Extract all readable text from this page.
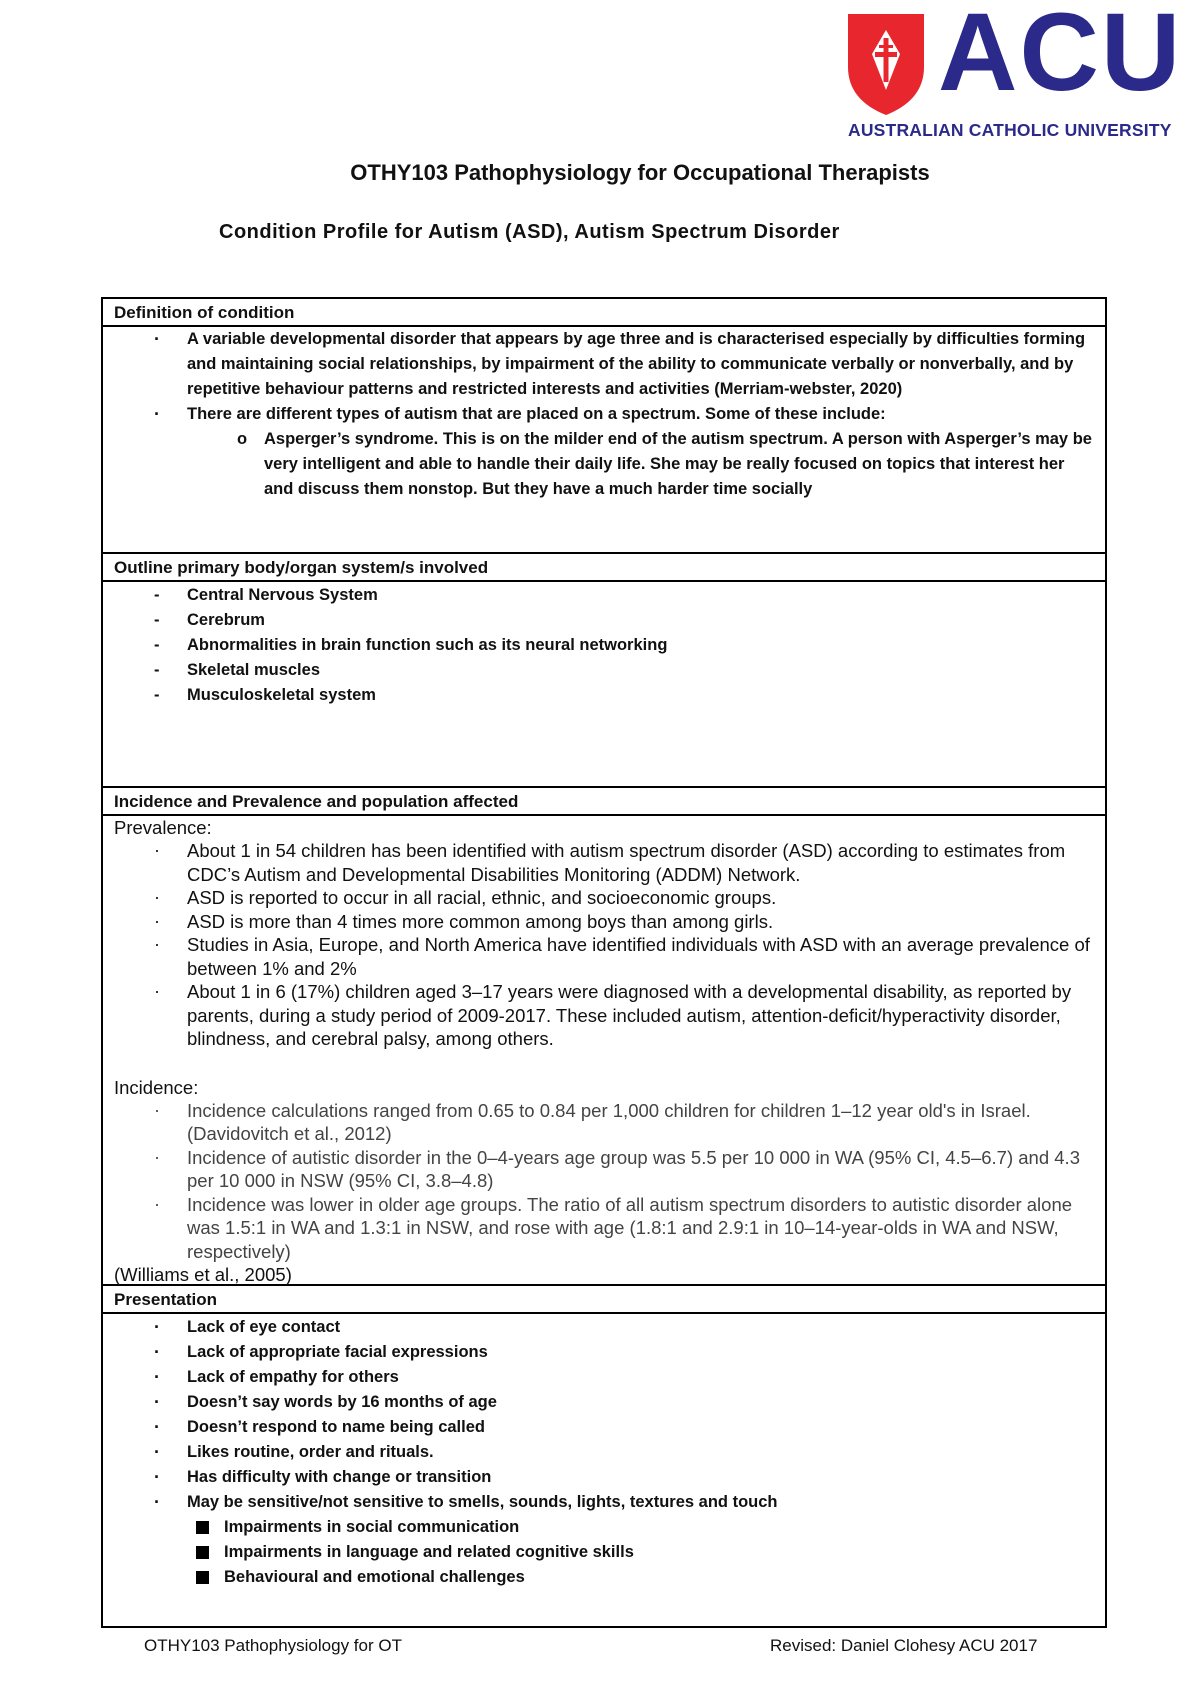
ACU
AUSTRALIAN CATHOLIC UNIVERSITY
OTHY103 Pathophysiology for Occupational Therapists
Condition Profile for Autism (ASD), Autism Spectrum Disorder
Definition of condition
· A variable developmental disorder that appears by age three and is characterised especially by difficulties forming and maintaining social relationships, by impairment of the ability to communicate verbally or nonverbally, and by repetitive behaviour patterns and restricted interests and activities (Merriam-webster, 2020)
· There are different types of autism that are placed on a spectrum. Some of these include:
o Asperger’s syndrome. This is on the milder end of the autism spectrum. A person with Asperger’s may be very intelligent and able to handle their daily life. She may be really focused on topics that interest her and discuss them nonstop. But they have a much harder time socially
Outline primary body/organ system/s involved
- Central Nervous System
- Cerebrum
- Abnormalities in brain function such as its neural networking
- Skeletal muscles
- Musculoskeletal system
Incidence and Prevalence and population affected
Prevalence:
· About 1 in 54 children has been identified with autism spectrum disorder (ASD) according to estimates from CDC’s Autism and Developmental Disabilities Monitoring (ADDM) Network.
· ASD is reported to occur in all racial, ethnic, and socioeconomic groups.
· ASD is more than 4 times more common among boys than among girls.
· Studies in Asia, Europe, and North America have identified individuals with ASD with an average prevalence of between 1% and 2%
· About 1 in 6 (17%) children aged 3–17 years were diagnosed with a developmental disability, as reported by parents, during a study period of 2009-2017. These included autism, attention-deficit/hyperactivity disorder, blindness, and cerebral palsy, among others.
Incidence:
· Incidence calculations ranged from 0.65 to 0.84 per 1,000 children for children 1–12 year old's in Israel. (Davidovitch et al., 2012)
· Incidence of autistic disorder in the 0–4-years age group was 5.5 per 10 000 in WA (95% CI, 4.5–6.7) and 4.3 per 10 000 in NSW (95% CI, 3.8–4.8)
· Incidence was lower in older age groups. The ratio of all autism spectrum disorders to autistic disorder alone was 1.5:1 in WA and 1.3:1 in NSW, and rose with age (1.8:1 and 2.9:1 in 10–14-year-olds in WA and NSW, respectively)
(Williams et al., 2005)
Presentation
· Lack of eye contact
· Lack of appropriate facial expressions
· Lack of empathy for others
· Doesn’t say words by 16 months of age
· Doesn’t respond to name being called
· Likes routine, order and rituals.
· Has difficulty with change or transition
· May be sensitive/not sensitive to smells, sounds, lights, textures and touch
Impairments in social communication
Impairments in language and related cognitive skills
Behavioural and emotional challenges
OTHY103 Pathophysiology for OT	Revised: Daniel Clohesy ACU 2017
